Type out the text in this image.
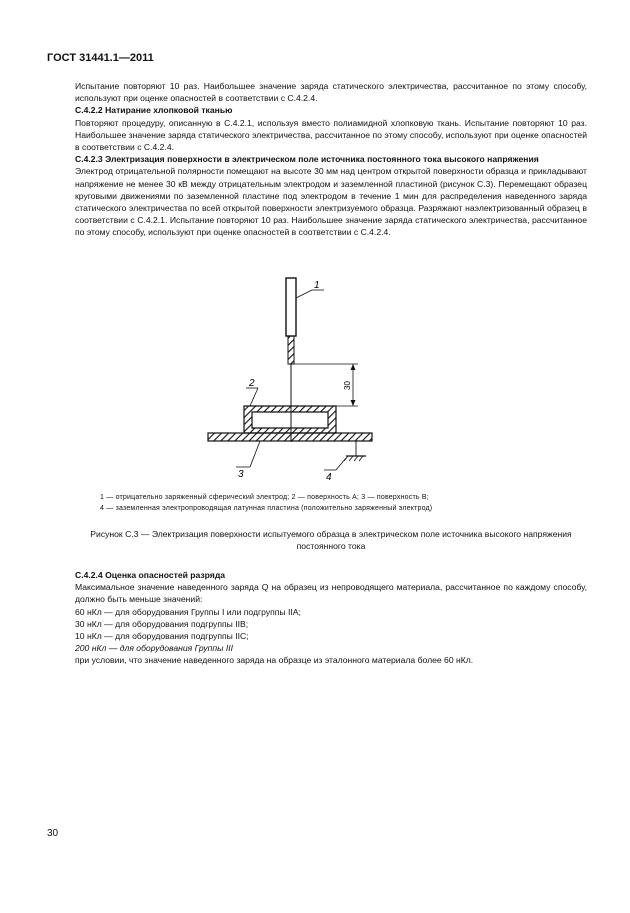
ГОСТ 31441.1—2011

Испытание повторяют 10 раз. Наибольшее значение заряда статического электричества, рассчитанное по этому способу, используют при оценке опасностей в соответствии с С.4.2.4.

С.4.2.2 Натирание хлопковой тканью

Повторяют процедуру, описанную в С.4.2.1, используя вместо полиамидной хлопковую ткань. Испытание повторяют 10 раз. Наибольшее значение заряда статического электричества, рассчитанное по этому способу, используют при оценке опасностей в соответствии с С.4.2.4.

С.4.2.3 Электризация поверхности в электрическом поле источника постоянного тока высокого напряжения

Электрод отрицательной полярности помещают на высоте 30 мм над центром открытой поверхности образца и прикладывают напряжение не менее 30 кВ между отрицательным электродом и заземленной пластиной (рисунок С.3). Перемещают образец круговыми движениями по заземленной пластине под электродом в течение 1 мин для распределения наведенного заряда статического электричества по всей открытой поверхности электризуемого образца. Разряжают наэлектризованный образец в соответствии с С.4.2.1. Испытание повторяют 10 раз. Наибольшее значение заряда статического электричества, рассчитанное по этому способу, используют при оценке опасностей в соответствии с С.4.2.4.

1
30
2
3	4

1 — отрицательно заряженный сферический электрод; 2 — поверхность А; 3 — поверхность В;

4 — заземленная электропроводящая латунная пластина (положительно заряженный электрод)

Рисунок С.3 — Электризация поверхности испытуемого образца в электрическом поле источника высокого напряжения постоянного тока

С.4.2.4 Оценка опасностей разряда

Максимальное значение наведенного заряда Q на образец из непроводящего материала, рассчитанное по каждому способу, должно быть меньше значений:

60 нКл — для оборудования Группы I или подгруппы IIА;

30 нКл — для оборудования подгруппы IIВ;

10 нКл — для оборудования подгруппы IIС;

200 нКл — для оборудования Группы III

при условии, что значение наведенного заряда на образце из эталонного материала более 60 нКл.

30
